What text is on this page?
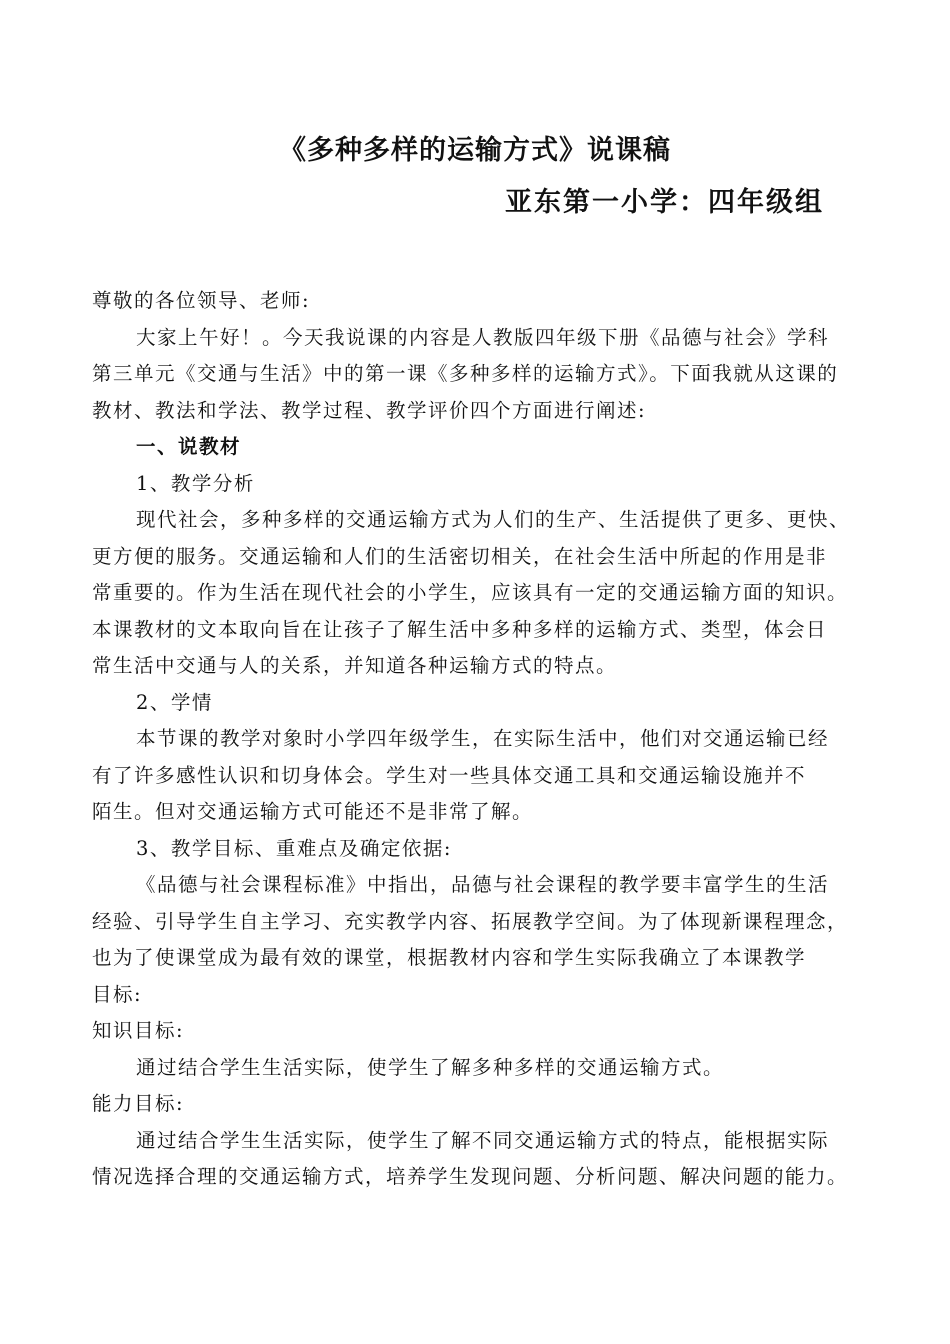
《多种多样的运输方式》说课稿
亚东第一小学：四年级组
尊敬的各位领导、老师:
大家上午好！。今天我说课的内容是人教版四年级下册《品德与社会》学科
第三单元《交通与生活》中的第一课《多种多样的运输方式》。下面我就从这课的
教材、教法和学法、教学过程、教学评价四个方面进行阐述:
一、说教材
1、教学分析
现代社会，多种多样的交通运输方式为人们的生产、生活提供了更多、更快、
更方便的服务。交通运输和人们的生活密切相关，在社会生活中所起的作用是非
常重要的。作为生活在现代社会的小学生，应该具有一定的交通运输方面的知识。
本课教材的文本取向旨在让孩子了解生活中多种多样的运输方式、类型，体会日
常生活中交通与人的关系，并知道各种运输方式的特点。
2、学情
本节课的教学对象时小学四年级学生，在实际生活中，他们对交通运输已经
有了许多感性认识和切身体会。学生对一些具体交通工具和交通运输设施并不
陌生。但对交通运输方式可能还不是非常了解。
3、教学目标、重难点及确定依据:
《品德与社会课程标准》中指出，品德与社会课程的教学要丰富学生的生活
经验、引导学生自主学习、充实教学内容、拓展教学空间。为了体现新课程理念，
也为了使课堂成为最有效的课堂，根据教材内容和学生实际我确立了本课教学
目标:
知识目标:
通过结合学生生活实际，使学生了解多种多样的交通运输方式。
能力目标:
通过结合学生生活实际，使学生了解不同交通运输方式的特点，能根据实际
情况选择合理的交通运输方式，培养学生发现问题、分析问题、解决问题的能力。
